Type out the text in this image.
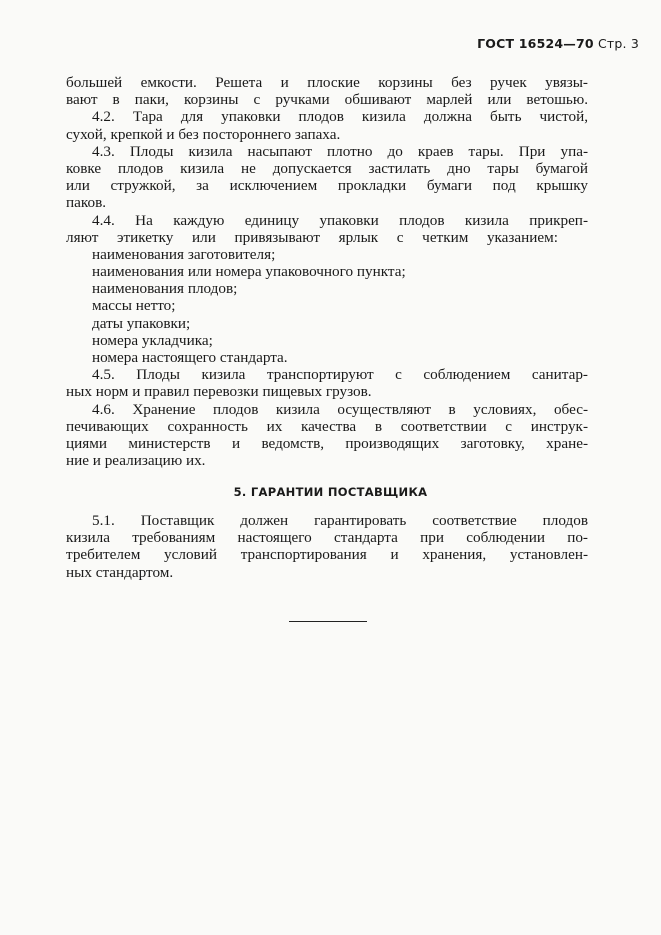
ГОСТ 16524—70 Стр. 3
большей емкости. Решета и плоские корзины без ручек увязы-
вают в паки, корзины с ручками обшивают марлей или ветошью.
4.2. Тара для упаковки плодов кизила должна быть чистой,
сухой, крепкой и без постороннего запаха.
4.3. Плоды кизила насыпают плотно до краев тары. При упа-
ковке плодов кизила не допускается застилать дно тары бумагой
или стружкой, за исключением прокладки бумаги под крышку
паков.
4.4. На каждую единицу упаковки плодов кизила прикреп-
ляют этикетку или привязывают ярлык с четким указанием:
наименования заготовителя;
наименования или номера упаковочного пункта;
наименования плодов;
массы нетто;
даты упаковки;
номера укладчика;
номера настоящего стандарта.
4.5. Плоды кизила транспортируют с соблюдением санитар-
ных норм и правил перевозки пищевых грузов.
4.6. Хранение плодов кизила осуществляют в условиях, обес-
печивающих сохранность их качества в соответствии с инструк-
циями министерств и ведомств, производящих заготовку, хране-
ние и реализацию их.
5. ГАРАНТИИ ПОСТАВЩИКА
5.1. Поставщик должен гарантировать соответствие плодов
кизила требованиям настоящего стандарта при соблюдении по-
требителем условий транспортирования и хранения, установлен-
ных стандартом.
